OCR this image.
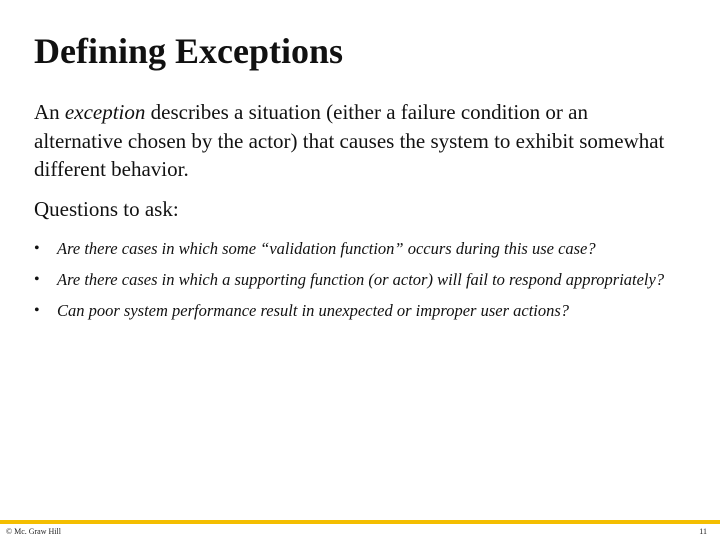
Defining Exceptions
An exception describes a situation (either a failure condition or an alternative chosen by the actor) that causes the system to exhibit somewhat different behavior.
Questions to ask:
• Are there cases in which some “validation function” occurs during this use case?
• Are there cases in which a supporting function (or actor) will fail to respond appropriately?
• Can poor system performance result in unexpected or improper user actions?
© Mc. Graw Hill	11
